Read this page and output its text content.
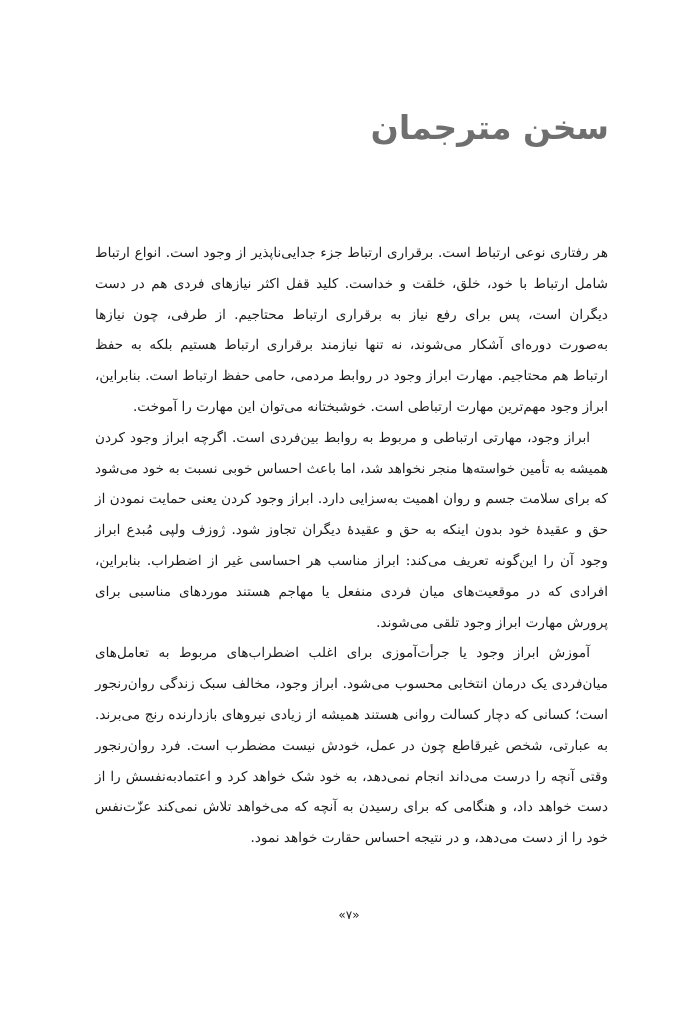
سخن مترجمان

هر رفتاری نوعی ارتباط است. برقراری ارتباط جزء جدایی‌ناپذیر از وجود است. انواع ارتباط شامل ارتباط با خود، خلق، خلقت و خداست. کلید قفل اکثر نیازهای فردی هم در دست دیگران است، پس برای رفع نیاز به برقراری ارتباط محتاجیم. از طرفی، چون نیازها به‌صورت دوره‌ای آشکار می‌شوند، نه تنها نیازمند برقراری ارتباط هستیم بلکه به حفظ ارتباط هم محتاجیم. مهارت ابراز وجود در روابط مردمی، حامی حفظ ارتباط است. بنابراین، ابراز وجود مهم‌ترین مهارت ارتباطی است. خوشبختانه می‌توان این مهارت را آموخت.

ابراز وجود، مهارتی ارتباطی و مربوط به روابط بین‌فردی است. اگرچه ابراز وجود کردن همیشه به تأمین خواسته‌ها منجر نخواهد شد، اما باعث احساس خوبی نسبت به خود می‌شود که برای سلامت جسم و روان اهمیت به‌سزایی دارد. ابراز وجود کردن یعنی حمایت نمودن از حق و عقیدهٔ خود بدون اینکه به حق و عقیدهٔ دیگران تجاوز شود. ژوزف ولپی مُبدع ابراز وجود آن را این‌گونه تعریف می‌کند: ابراز مناسب هر احساسی غیر از اضطراب. بنابراین، افرادی که در موقعیت‌های میان فردی منفعل یا مهاجم هستند موردهای مناسبی برای پرورش مهارت ابراز وجود تلقی می‌شوند.

آموزش ابراز وجود یا جرأت‌آموزی برای اغلب اضطراب‌های مربوط به تعامل‌های میان‌فردی یک درمان انتخابی محسوب می‌شود. ابراز وجود، مخالف سبک زندگی روان‌رنجور است؛ کسانی که دچار کسالت روانی هستند همیشه از زیادی نیروهای بازدارنده رنج می‌برند. به عبارتی، شخص غیرقاطع چون در عمل، خودش نیست مضطرب است. فرد روان‌رنجور وقتی آنچه را درست می‌داند انجام نمی‌دهد، به خود شک خواهد کرد و اعتمادبه‌نفسش را از دست خواهد داد، و هنگامی که برای رسیدن به آنچه که می‌خواهد تلاش نمی‌کند عزّت‌نفس خود را از دست می‌دهد، و در نتیجه احساس حقارت خواهد نمود.

«۷»
